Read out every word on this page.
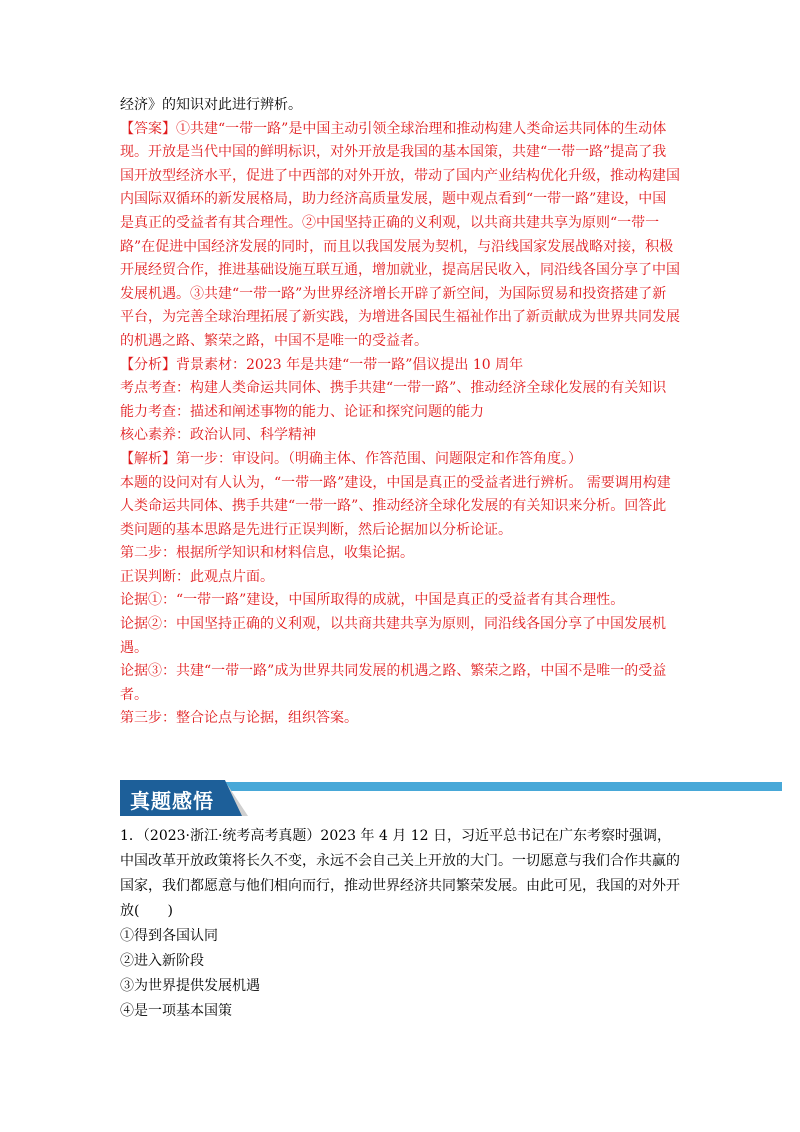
经济》的知识对此进行辨析。

【答案】①共建“一带一路”是中国主动引领全球治理和推动构建人类命运共同体的生动体现。开放是当代中国的鲜明标识，对外开放是我国的基本国策，共建“一带一路”提高了我国开放型经济水平，促进了中西部的对外开放，带动了国内产业结构优化升级，推动构建国内国际双循环的新发展格局，助力经济高质量发展，题中观点看到“一带一路”建设，中国是真正的受益者有其合理性。②中国坚持正确的义利观，以共商共建共享为原则“一带一路”在促进中国经济发展的同时，而且以我国发展为契机，与沿线国家发展战略对接，积极开展经贸合作，推进基础设施互联互通，增加就业，提高居民收入，同沿线各国分享了中国发展机遇。③共建“一带一路”为世界经济增长开辟了新空间，为国际贸易和投资搭建了新平台，为完善全球治理拓展了新实践，为增进各国民生福祉作出了新贡献成为世界共同发展的机遇之路、繁荣之路，中国不是唯一的受益者。

【分析】背景素材：2023 年是共建“一带一路”倡议提出 10 周年

考点考查：构建人类命运共同体、携手共建“一带一路”、推动经济全球化发展的有关知识

能力考查：描述和阐述事物的能力、论证和探究问题的能力

核心素养：政治认同、科学精神

【解析】第一步：审设问。（明确主体、作答范围、问题限定和作答角度。）

本题的设问对有人认为，“一带一路”建设，中国是真正的受益者进行辨析。 需要调用构建人类命运共同体、携手共建“一带一路”、推动经济全球化发展的有关知识来分析。回答此类问题的基本思路是先进行正误判断，然后论据加以分析论证。

第二步：根据所学知识和材料信息，收集论据。

正误判断：此观点片面。

论据①：“一带一路”建设，中国所取得的成就，中国是真正的受益者有其合理性。

论据②：中国坚持正确的义利观，以共商共建共享为原则，同沿线各国分享了中国发展机遇。

论据③：共建“一带一路”成为世界共同发展的机遇之路、繁荣之路，中国不是唯一的受益者。

第三步：整合论点与论据，组织答案。

真题感悟

1．（2023·浙江·统考高考真题）2023 年 4 月 12 日，习近平总书记在广东考察时强调，中国改革开放政策将长久不变，永远不会自己关上开放的大门。一切愿意与我们合作共赢的国家，我们都愿意与他们相向而行，推动世界经济共同繁荣发展。由此可见，我国的对外开放(　　)

①得到各国认同

②进入新阶段

③为世界提供发展机遇

④是一项基本国策
